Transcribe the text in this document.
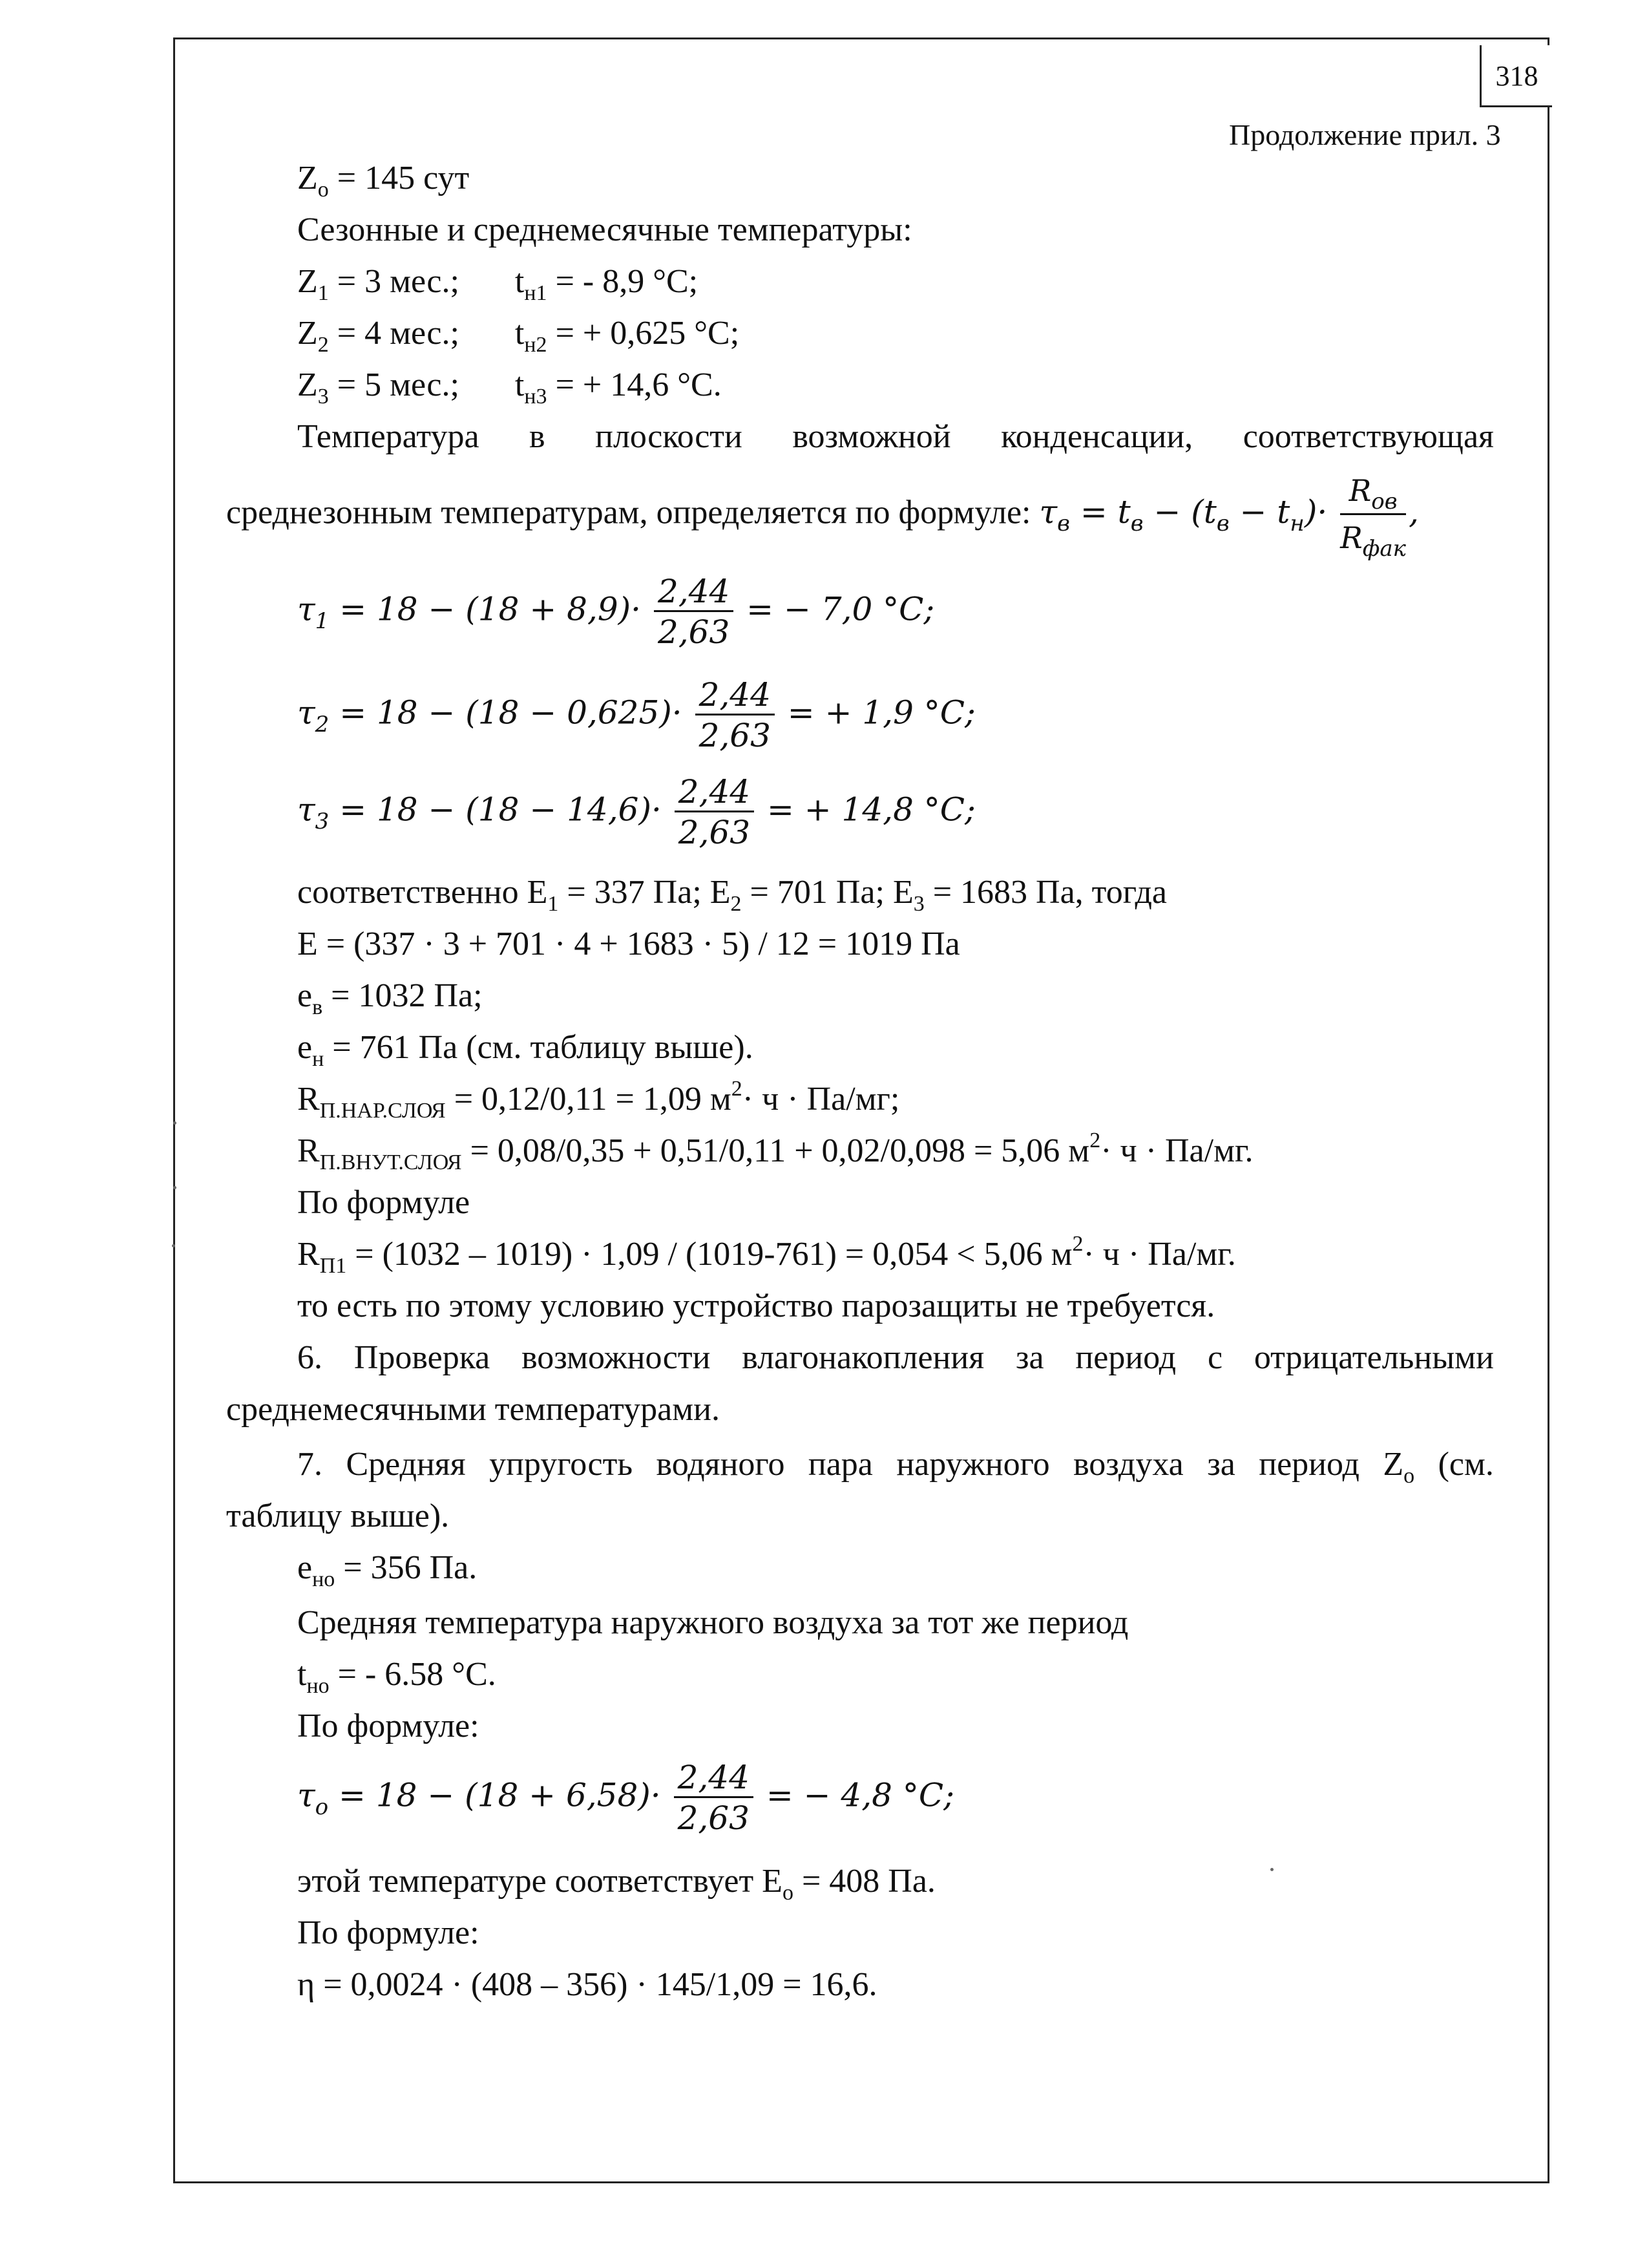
318
Продолжение прил. 3
$Z_o = 145$ сут
Сезонные и среднемесячные температуры:
$Z_1 = 3$ мес.; $t_{н1}$ = - 8,9 °С;
$Z_2 = 4$ мес.; $t_{н2}$ = + 0,625 °С;
$Z_3 = 5$ мес.; $t_{н3}$ = + 14,6 °С.
Температура в плоскости возможной конденсации, соответствующая
среднезонным температурам, определяется по формуле: $\tau_в = t_в - (t_в - t_н)\cdot \frac{R_{ов}}{R_{фак}}$ ,
$\tau_1 = 18 - (18 + 8,9)\cdot \frac{2,44}{2,63}$ = − 7,0 °C;
$\tau_2 = 18 - (18 - 0,625)\cdot \frac{2,44}{2,63}$ = + 1,9 °C;
$\tau_3 = 18 - (18 - 14,6)\cdot \frac{2,44}{2,63}$ = + 14,8 °C;
соответственно $E_1 = 337$ Па; $E_2 = 701$ Па; $E_3 = 1683$ Па, тогда
E = (337 · 3 + 701 · 4 + 1683 · 5) / 12 = 1019 Па
$e_в = 1032$ Па;
$e_н = 761$ Па (см. таблицу выше).
$R_{П.НАР.СЛОЯ} = 0,12/0,11 = 1,09$ $м^2\cdot ч \cdot Па/мг$;
$R_{П.ВНУТ.СЛОЯ} = 0,08/0,35 + 0,51/0,11 + 0,02/0,098 = 5,06$ $м^2\cdot ч \cdot Па/мг$.
По формуле
$R_{П1} = (1032 - 1019) \cdot 1,09 / (1019-761) = 0,054 < 5,06$ $м^2\cdot ч \cdot Па/мг$.
то есть по этому условию устройство парозащиты не требуется.
6. Проверка возможности влагонакопления за период с отрицательными
среднемесячными температурами.
7. Средняя упругость водяного пара наружного воздуха за период $Z_о$ (см.
таблицу выше).
$e_{но} = 356$ Па.
Средняя температура наружного воздуха за тот же период
$t_{но}$ = - 6.58 °С.
По формуле:
$\tau_o = 18 - (18 + 6,58)\cdot \frac{2,44}{2,63}$ = − 4,8 °C;
этой температуре соответствует $E_о = 408$ Па.
По формуле:
η = 0,0024 · (408 – 356) · 145/1,09 = 16,6.
